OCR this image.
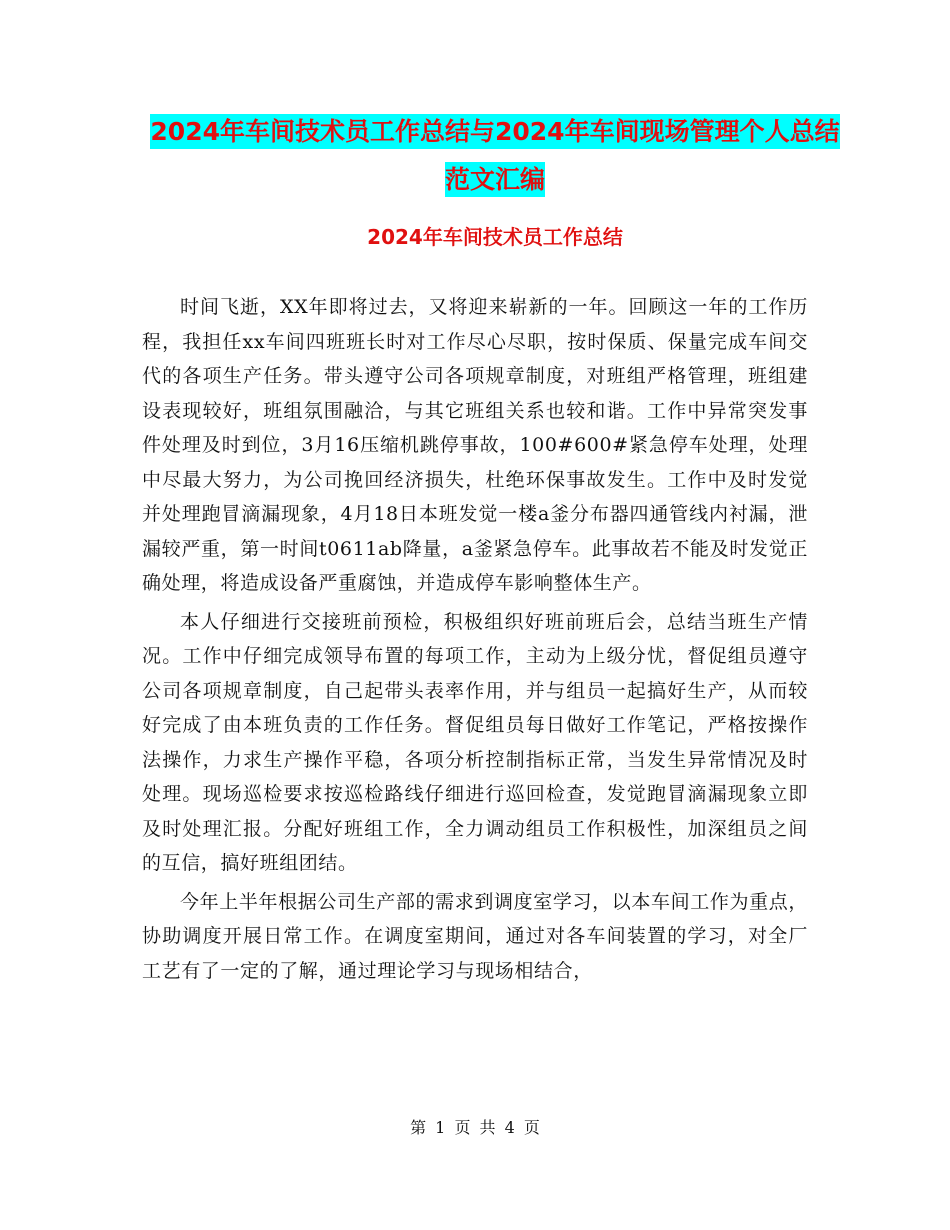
2024年车间技术员工作总结与2024年车间现场管理个人总结范文汇编
2024年车间技术员工作总结

时间飞逝，XX年即将过去，又将迎来崭新的一年。回顾这一年的工作历程，我担任xx车间四班班长时对工作尽心尽职，按时保质、保量完成车间交代的各项生产任务。带头遵守公司各项规章制度，对班组严格管理，班组建设表现较好，班组氛围融洽，与其它班组关系也较和谐。工作中异常突发事件处理及时到位，3月16压缩机跳停事故，100#600#紧急停车处理，处理中尽最大努力，为公司挽回经济损失，杜绝环保事故发生。工作中及时发觉并处理跑冒滴漏现象，4月18日本班发觉一楼a釜分布器四通管线内衬漏，泄漏较严重，第一时间t0611ab降量，a釜紧急停车。此事故若不能及时发觉正确处理，将造成设备严重腐蚀，并造成停车影响整体生产。

本人仔细进行交接班前预检，积极组织好班前班后会，总结当班生产情况。工作中仔细完成领导布置的每项工作，主动为上级分忧，督促组员遵守公司各项规章制度，自己起带头表率作用，并与组员一起搞好生产，从而较好完成了由本班负责的工作任务。督促组员每日做好工作笔记，严格按操作法操作，力求生产操作平稳，各项分析控制指标正常，当发生异常情况及时处理。现场巡检要求按巡检路线仔细进行巡回检查，发觉跑冒滴漏现象立即及时处理汇报。分配好班组工作，全力调动组员工作积极性，加深组员之间的互信，搞好班组团结。

今年上半年根据公司生产部的需求到调度室学习，以本车间工作为重点，协助调度开展日常工作。在调度室期间，通过对各车间装置的学习，对全厂工艺有了一定的了解，通过理论学习与现场相结合，

第 1 页 共 4 页
